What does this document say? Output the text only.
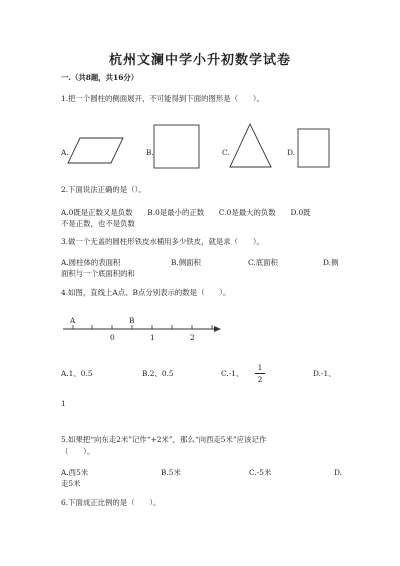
杭州文澜中学小升初数学试卷
一.（共8题，共16分）
1.把一个圆柱的侧面展开，不可能得到下面的图形是（　　）。
A.	B.	C.	D.
2.下面说法正确的是（）。
A.0既是正数又是负数　　B.0是最小的正数　　C.0是最大的负数　　D.0既
不是正数，也不是负数
3.做一个无盖的圆柱形铁皮水桶用多少铁皮，就是求（　　）。
A.圆柱体的表面积	B.侧面积	C.底面积	D.侧
面积与一个底面积的和
4.如图，直线上A点、B点分别表示的数是（　　）。
A	B
0	1	2
A.1、0.5	B.2、0.5	C.-1、
1
2
D.-1、
1
5.如果把“向东走2米”记作“+2米”，那么“向西走5米”应该记作
（　　）。
A.西5米	B.5米	C.-5米	D.
走5米
6.下面成正比例的是（　　）。
